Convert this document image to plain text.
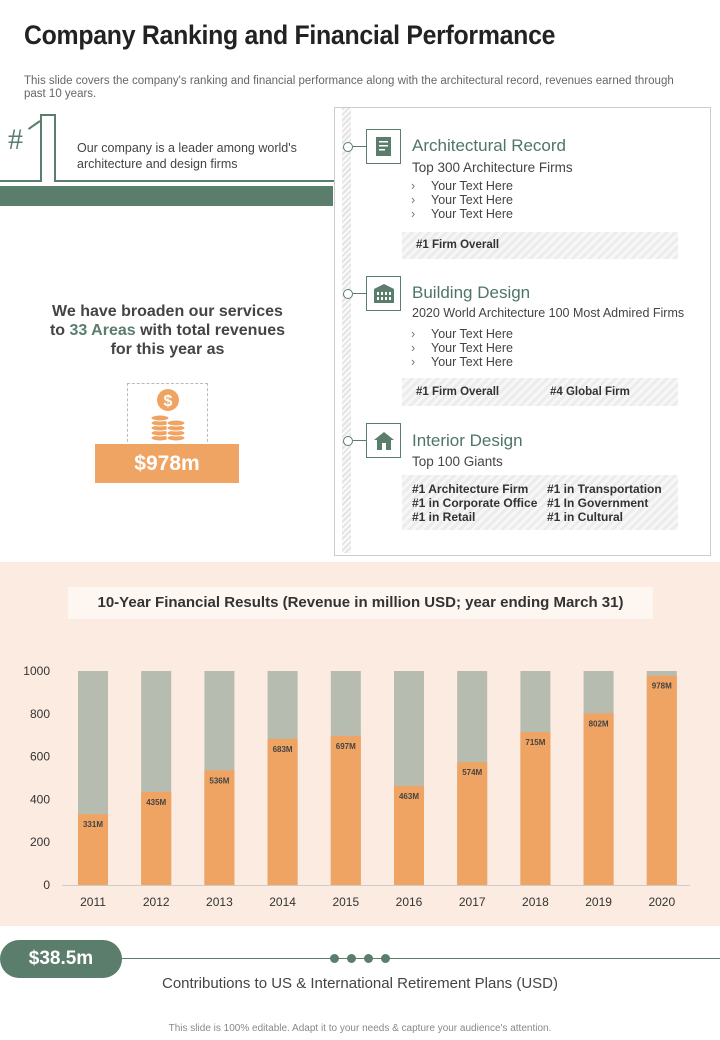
Company Ranking and Financial Performance
This slide covers the company's ranking and financial performance along with the architectural record, revenues earned through past 10 years.
#	Our company is a leader among world's architecture and design firms
We have broaden our services
to 33 Areas with total revenues
for this year as
$
$978m
Architectural Record
Top 300 Architecture Firms
› Your Text Here
› Your Text Here
› Your Text Here
#1 Firm Overall
Building Design
2020 World Architecture 100 Most Admired Firms
› Your Text Here
› Your Text Here
› Your Text Here
#1 Firm Overall	#4 Global Firm
Interior Design
Top 100 Giants
#1 Architecture Firm
#1 in Corporate Office
#1 in Retail
#1 in Transportation
#1 In Government
#1 in Cultural
0
200
400
600
800
1000
331M
2011
435M
2012
536M
2013
683M
2014
697M
2015
463M
2016
574M
2017
715M
2018
802M
2019
978M
2020
10-Year Financial Results (Revenue in million USD; year ending March 31)
$38.5m
Contributions to US & International Retirement Plans (USD)
This slide is 100% editable. Adapt it to your needs & capture your audience's attention.
